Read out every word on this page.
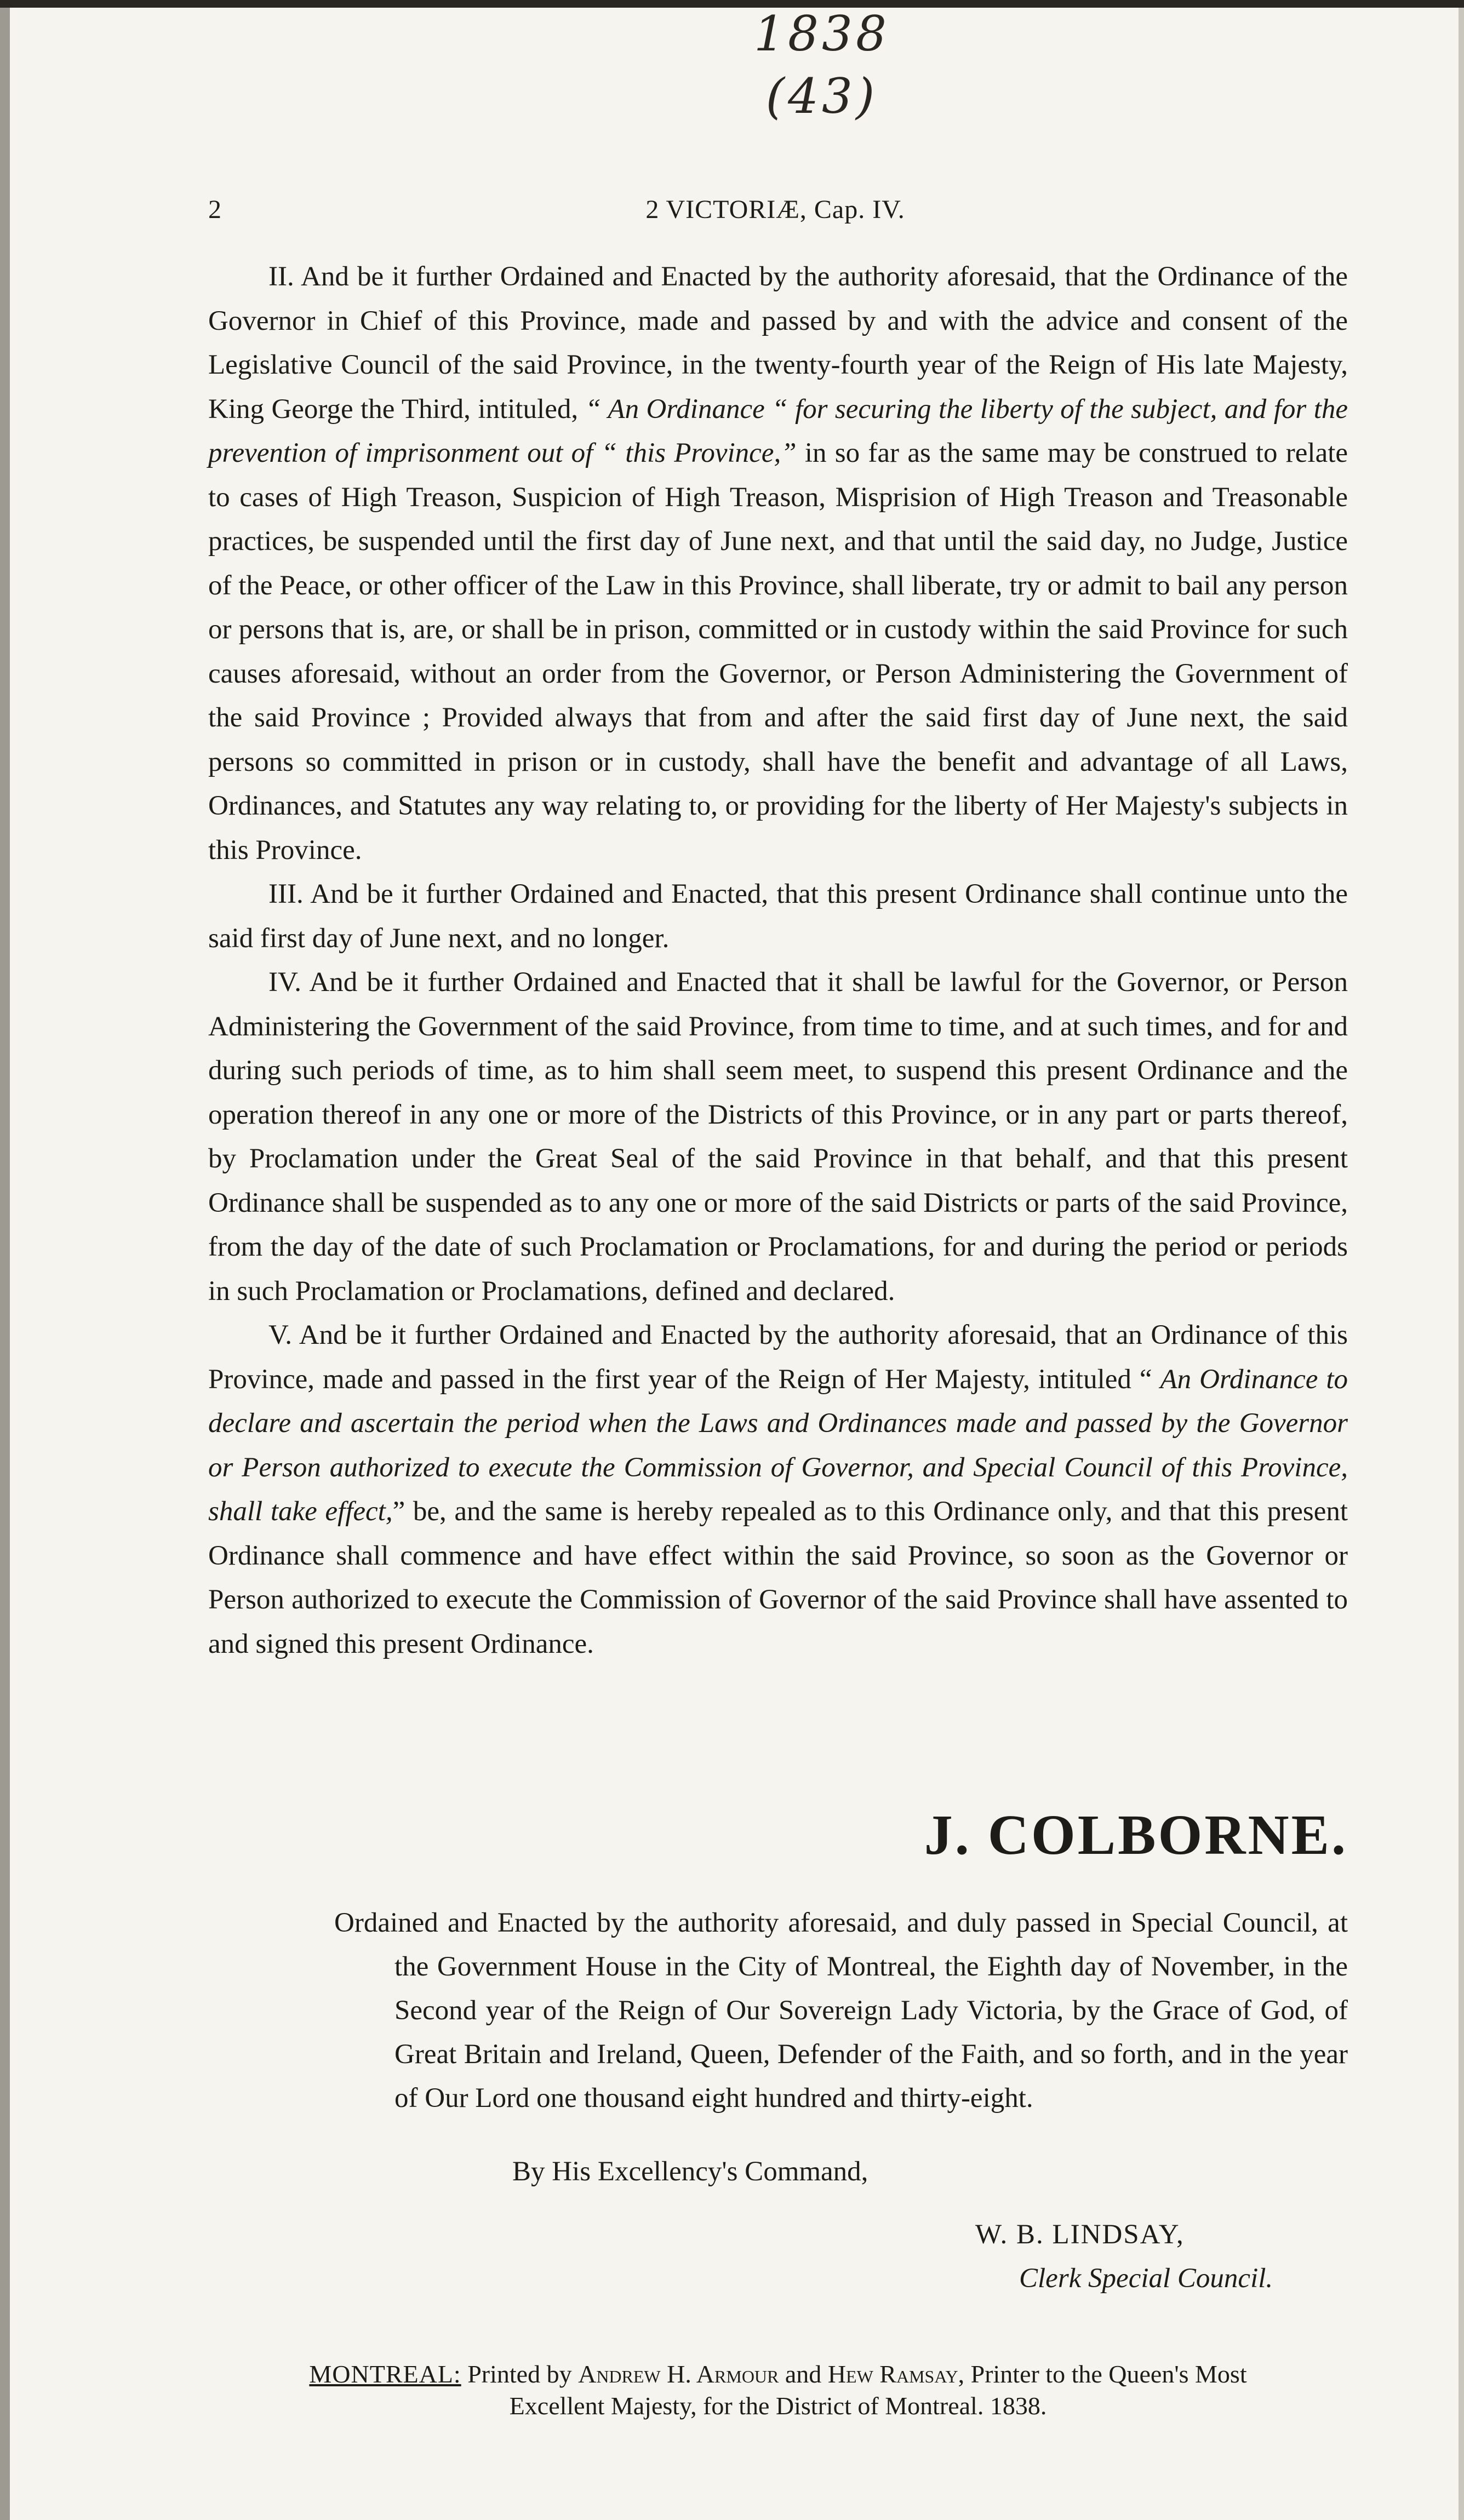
1838
(43)
2	2 VICTORIÆ, Cap. IV.

II. And be it further Ordained and Enacted by the authority aforesaid, that the Ordinance of the Governor in Chief of this Province, made and passed by and with the advice and consent of the Legislative Council of the said Province, in the twenty-fourth year of the Reign of His late Majesty, King George the Third, intituled, “ An Ordinance “ for securing the liberty of the subject, and for the prevention of imprisonment out of “ this Province,” in so far as the same may be construed to relate to cases of High Treason, Suspicion of High Treason, Misprision of High Treason and Treasonable practices, be suspended until the first day of June next, and that until the said day, no Judge, Justice of the Peace, or other officer of the Law in this Province, shall liberate, try or admit to bail any person or persons that is, are, or shall be in prison, committed or in custody within the said Province for such causes aforesaid, without an order from the Governor, or Person Administering the Government of the said Province ; Provided always that from and after the said first day of June next, the said persons so committed in prison or in custody, shall have the benefit and advantage of all Laws, Ordinances, and Statutes any way relating to, or providing for the liberty of Her Majesty's subjects in this Province.

III. And be it further Ordained and Enacted, that this present Ordinance shall continue unto the said first day of June next, and no longer.

IV. And be it further Ordained and Enacted that it shall be lawful for the Governor, or Person Administering the Government of the said Province, from time to time, and at such times, and for and during such periods of time, as to him shall seem meet, to suspend this present Ordinance and the operation thereof in any one or more of the Districts of this Province, or in any part or parts thereof, by Proclamation under the Great Seal of the said Province in that behalf, and that this present Ordinance shall be suspended as to any one or more of the said Districts or parts of the said Province, from the day of the date of such Proclamation or Proclamations, for and during the period or periods in such Proclamation or Proclamations, defined and declared.

V. And be it further Ordained and Enacted by the authority aforesaid, that an Ordinance of this Province, made and passed in the first year of the Reign of Her Majesty, intituled “ An Ordinance to declare and ascertain the period when the Laws and Ordinances made and passed by the Governor or Person authorized to execute the Commission of Governor, and Special Council of this Province, shall take effect,” be, and the same is hereby repealed as to this Ordinance only, and that this present Ordinance shall commence and have effect within the said Province, so soon as the Governor or Person authorized to execute the Commission of Governor of the said Province shall have assented to and signed this present Ordinance.

J. COLBORNE.

Ordained and Enacted by the authority aforesaid, and duly passed in Special Council, at the Government House in the City of Montreal, the Eighth day of November, in the Second year of the Reign of Our Sovereign Lady Victoria, by the Grace of God, of Great Britain and Ireland, Queen, Defender of the Faith, and so forth, and in the year of Our Lord one thousand eight hundred and thirty-eight.

By His Excellency's Command,
W. B. LINDSAY,
Clerk Special Council.
MONTREAL: Printed by Andrew H. Armour and Hew Ramsay, Printer to the Queen's Most
Excellent Majesty, for the District of Montreal. 1838.
